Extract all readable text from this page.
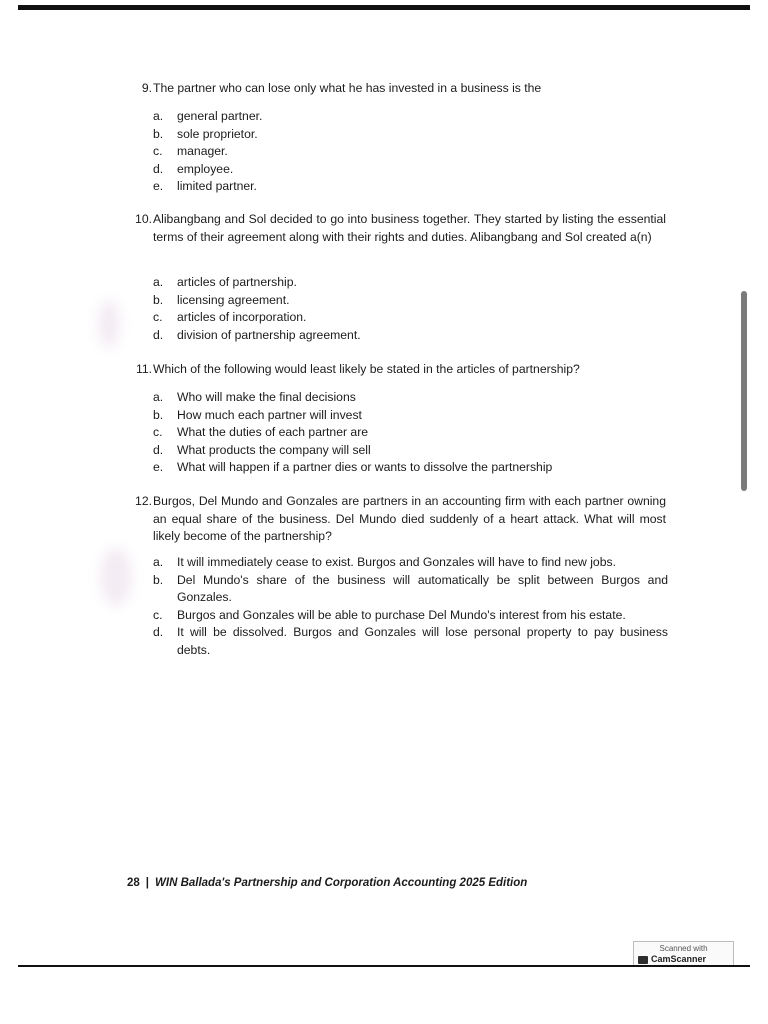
9. The partner who can lose only what he has invested in a business is the
a. general partner.
b. sole proprietor.
c. manager.
d. employee.
e. limited partner.
10. Alibangbang and Sol decided to go into business together. They started by listing the essential terms of their agreement along with their rights and duties. Alibangbang and Sol created a(n)
a. articles of partnership.
b. licensing agreement.
c. articles of incorporation.
d. division of partnership agreement.
11. Which of the following would least likely be stated in the articles of partnership?
a. Who will make the final decisions
b. How much each partner will invest
c. What the duties of each partner are
d. What products the company will sell
e. What will happen if a partner dies or wants to dissolve the partnership
12. Burgos, Del Mundo and Gonzales are partners in an accounting firm with each partner owning an equal share of the business. Del Mundo died suddenly of a heart attack. What will most likely become of the partnership?
a. It will immediately cease to exist. Burgos and Gonzales will have to find new jobs.
b. Del Mundo's share of the business will automatically be split between Burgos and Gonzales.
c. Burgos and Gonzales will be able to purchase Del Mundo's interest from his estate.
d. It will be dissolved. Burgos and Gonzales will lose personal property to pay business debts.
28 | WIN Ballada's Partnership and Corporation Accounting 2025 Edition
Scanned with
CamScanner
